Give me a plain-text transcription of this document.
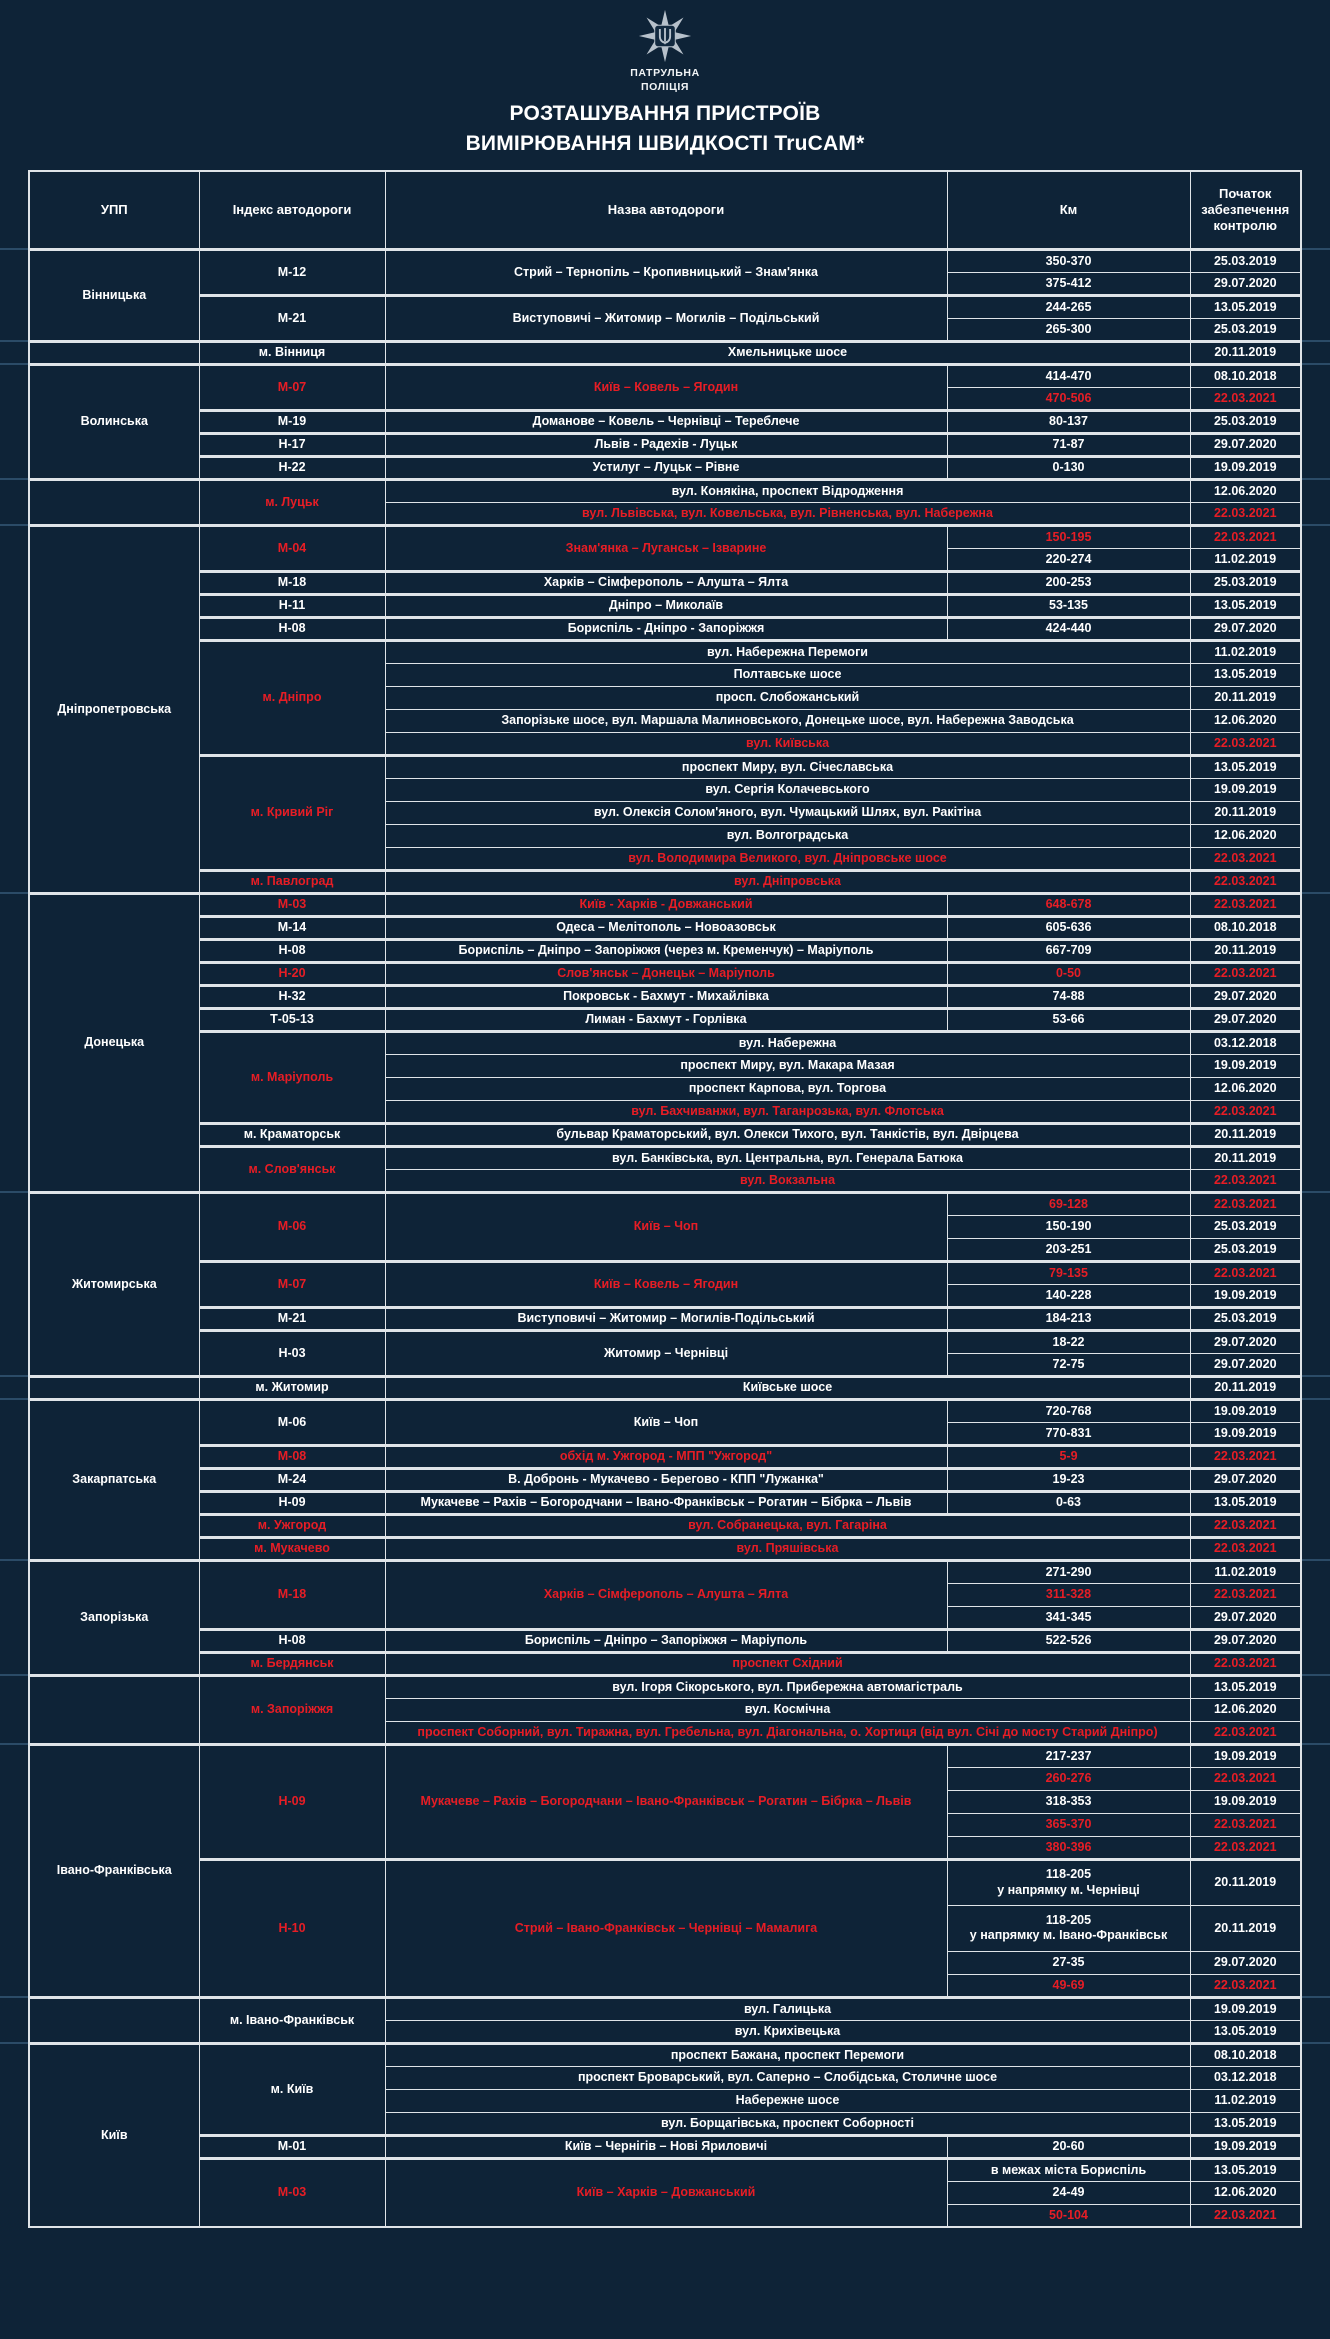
ПАТРУЛЬНА
ПОЛІЦІЯ
РОЗТАШУВАННЯ ПРИСТРОЇВ
ВИМІРЮВАННЯ ШВИДКОСТІ TruCAM*
УПП	Індекс автодороги	Назва автодороги	Км	Початок забезпечення контролю
Вінницька	М-12	Стрий – Тернопіль – Кропивницький – Знам'янка	350-370	25.03.2019
			375-412	29.07.2020
	М-21	Виступовичі – Житомир – Могилів – Подільський	244-265	13.05.2019
			265-300	25.03.2019
	м. Вінниця	Хмельницьке шосе		20.11.2019
Волинська	М-07	Київ – Ковель – Ягодин	414-470	08.10.2018
			470-506	22.03.2021
	М-19	Доманове – Ковель – Чернівці – Тереблече	80-137	25.03.2019
	Н-17	Львів - Радехів - Луцьк	71-87	29.07.2020
	Н-22	Устилуг – Луцьк – Рівне	0-130	19.09.2019
	м. Луцьк	вул. Конякіна, проспект Відродження		12.06.2020
		вул. Львівська, вул. Ковельська, вул. Рівненська, вул. Набережна		22.03.2021
Дніпропетровська	М-04	Знам'янка – Луганськ – Ізварине	150-195	22.03.2021
			220-274	11.02.2019
	М-18	Харків – Сімферополь – Алушта – Ялта	200-253	25.03.2019
	Н-11	Дніпро – Миколаїв	53-135	13.05.2019
	Н-08	Бориспіль - Дніпро - Запоріжжя	424-440	29.07.2020
	м. Дніпро	вул. Набережна Перемоги		11.02.2019
		Полтавське шосе		13.05.2019
		просп. Слобожанський		20.11.2019
		Запорізьке шосе, вул. Маршала Малиновського, Донецьке шосе, вул. Набережна Заводська		12.06.2020
		вул. Київська		22.03.2021
	м. Кривий Ріг	проспект Миру, вул. Січеславська		13.05.2019
		вул. Сергія Колачевського		19.09.2019
		вул. Олексія Солом'яного, вул. Чумацький Шлях, вул. Ракітіна		20.11.2019
		вул. Волгоградська		12.06.2020
		вул. Володимира Великого, вул. Дніпровське шосе		22.03.2021
	м. Павлоград	вул. Дніпровська		22.03.2021
Донецька	М-03	Київ - Харків - Довжанський	648-678	22.03.2021
	М-14	Одеса – Мелітополь – Новоазовськ	605-636	08.10.2018
	Н-08	Бориспіль – Дніпро – Запоріжжя (через м. Кременчук) – Маріуполь	667-709	20.11.2019
	Н-20	Слов'янськ – Донецьк – Маріуполь	0-50	22.03.2021
	Н-32	Покровськ - Бахмут - Михайлівка	74-88	29.07.2020
	Т-05-13	Лиман - Бахмут - Горлівка	53-66	29.07.2020
	м. Маріуполь	вул. Набережна		03.12.2018
		проспект Миру, вул. Макара Мазая		19.09.2019
		проспект Карпова, вул. Торгова		12.06.2020
		вул. Бахчиванжи, вул. Таганрозька, вул. Флотська		22.03.2021
	м. Краматорськ	бульвар Краматорський, вул. Олекси Тихого, вул. Танкістів, вул. Двірцева		20.11.2019
	м. Слов'янськ	вул. Банківська, вул. Центральна, вул. Генерала Батюка		20.11.2019
		вул. Вокзальна		22.03.2021
Житомирська	М-06	Київ – Чоп	69-128	22.03.2021
			150-190	25.03.2019
			203-251	25.03.2019
	М-07	Київ – Ковель – Ягодин	79-135	22.03.2021
			140-228	19.09.2019
	М-21	Виступовичі – Житомир – Могилів-Подільський	184-213	25.03.2019
	Н-03	Житомир – Чернівці	18-22	29.07.2020
			72-75	29.07.2020
	м. Житомир	Київське шосе		20.11.2019
Закарпатська	М-06	Київ – Чоп	720-768	19.09.2019
			770-831	19.09.2019
	М-08	обхід м. Ужгород - МПП "Ужгород"	5-9	22.03.2021
	М-24	В. Добронь - Мукачево - Берегово - КПП "Лужанка"	19-23	29.07.2020
	Н-09	Мукачеве – Рахів – Богородчани – Івано-Франківськ – Рогатин – Бібрка – Львів	0-63	13.05.2019
	м. Ужгород	вул. Собранецька, вул. Гагаріна		22.03.2021
	м. Мукачево	вул. Пряшівська		22.03.2021
Запорізька	М-18	Харків – Сімферополь – Алушта – Ялта	271-290	11.02.2019
			311-328	22.03.2021
			341-345	29.07.2020
	Н-08	Бориспіль – Дніпро – Запоріжжя – Маріуполь	522-526	29.07.2020
	м. Бердянськ	проспект Східний		22.03.2021
	м. Запоріжжя	вул. Ігоря Сікорського, вул. Прибережна автомагістраль		13.05.2019
		вул. Космічна		12.06.2020
		проспект Соборний, вул. Тиражна, вул. Гребельна, вул. Діагональна, о. Хортиця (від вул. Січі до мосту Старий Дніпро)		22.03.2021
Івано-Франківська	Н-09	Мукачеве – Рахів – Богородчани – Івано-Франківськ – Рогатин – Бібрка – Львів	217-237	19.09.2019
			260-276	22.03.2021
			318-353	19.09.2019
			365-370	22.03.2021
			380-396	22.03.2021
	Н-10	Стрий – Івано-Франківськ – Чернівці – Мамалига	118-205
у напрямку м. Чернівці	20.11.2019
			118-205
у напрямку м. Івано-Франківськ	20.11.2019
			27-35	29.07.2020
			49-69	22.03.2021
	м. Івано-Франківськ	вул. Галицька		19.09.2019
		вул. Крихівецька		13.05.2019
Київ	м. Київ	проспект Бажана, проспект Перемоги		08.10.2018
		проспект Броварський, вул. Саперно – Слобідська, Столичне шосе		03.12.2018
		Набережне шосе		11.02.2019
		вул. Борщагівська, проспект Соборності		13.05.2019
	М-01	Київ – Чернігів – Нові Яриловичі	20-60	19.09.2019
	М-03	Київ – Харків – Довжанський	в межах міста Бориспіль	13.05.2019
			24-49	12.06.2020
			50-104	22.03.2021
